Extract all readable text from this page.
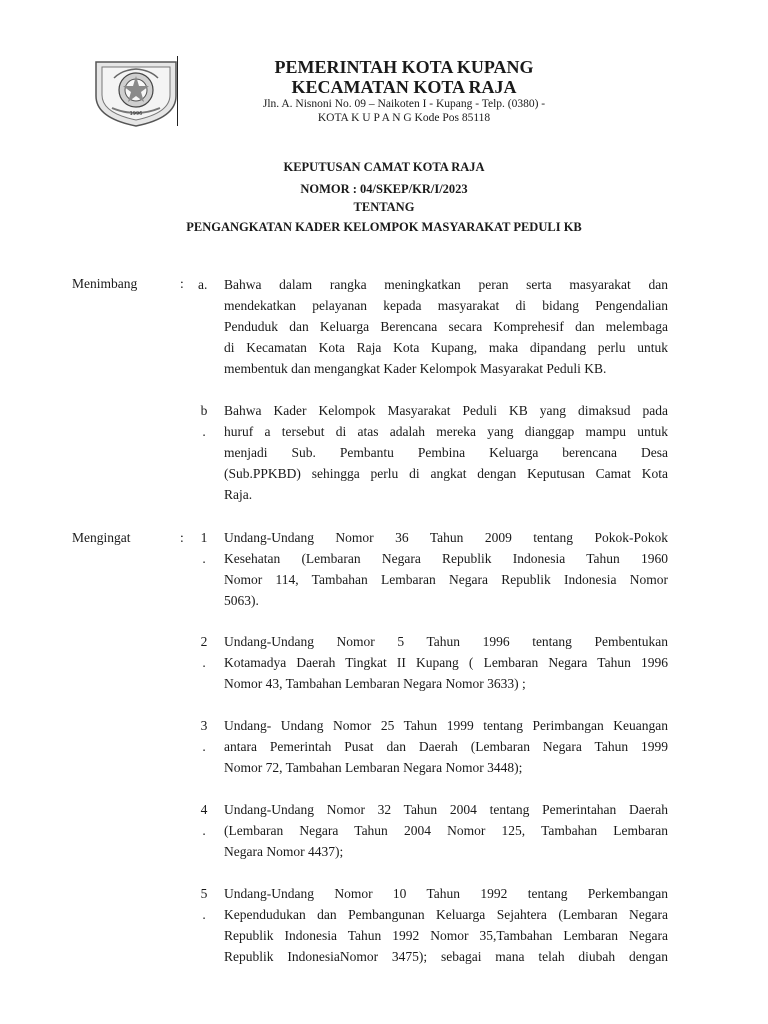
1996
PEMERINTAH KOTA KUPANG
KECAMATAN KOTA RAJA
Jln. A. Nisnoni No. 09 – Naikoten I - Kupang - Telp. (0380) -
KOTA K U P A N G Kode Pos 85118
KEPUTUSAN CAMAT KOTA RAJA
NOMOR : 04/SKEP/KR/I/2023
TENTANG
PENGANGKATAN KADER KELOMPOK MASYARAKAT PEDULI KB
Menimbang	: a. Bahwa dalam rangka meningkatkan peran serta masyarakat dan
mendekatkan pelayanan kepada masyarakat di bidang Pengendalian
Penduduk dan Keluarga Berencana secara Komprehesif dan melembaga
di Kecamatan Kota Raja Kota Kupang, maka dipandang perlu untuk
membentuk dan mengangkat Kader Kelompok Masyarakat Peduli KB.
b
.
Bahwa Kader Kelompok Masyarakat Peduli KB yang dimaksud pada
huruf a tersebut di atas adalah mereka yang dianggap mampu untuk
menjadi Sub. Pembantu Pembina Keluarga berencana Desa
(Sub.PPKBD) sehingga perlu di angkat dengan Keputusan Camat Kota
Raja.
Mengingat	: 1
.
Undang-Undang Nomor 36 Tahun 2009 tentang Pokok-Pokok
Kesehatan (Lembaran Negara Republik Indonesia Tahun 1960
Nomor 114, Tambahan Lembaran Negara Republik Indonesia Nomor
5063).
2
.
Undang-Undang Nomor 5 Tahun 1996 tentang Pembentukan
Kotamadya Daerah Tingkat II Kupang ( Lembaran Negara Tahun 1996
Nomor 43, Tambahan Lembaran Negara Nomor 3633) ;
3
.
Undang- Undang Nomor 25 Tahun 1999 tentang Perimbangan Keuangan
antara Pemerintah Pusat dan Daerah (Lembaran Negara Tahun 1999
Nomor 72, Tambahan Lembaran Negara Nomor 3448);
4
.
Undang-Undang Nomor 32 Tahun 2004 tentang Pemerintahan Daerah
(Lembaran Negara Tahun 2004 Nomor 125, Tambahan Lembaran
Negara Nomor 4437);
5
.
Undang-Undang Nomor 10 Tahun 1992 tentang Perkembangan
Kependudukan dan Pembangunan Keluarga Sejahtera (Lembaran Negara
Republik Indonesia Tahun 1992 Nomor 35,Tambahan Lembaran Negara
Republik IndonesiaNomor 3475); sebagai mana telah diubah dengan
